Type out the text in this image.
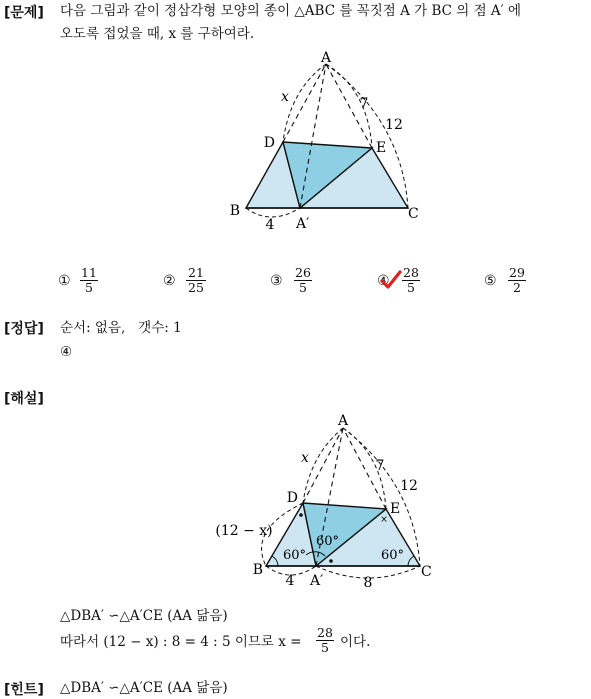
[문제] 다음 그림과 같이 정삼각형 모양의 종이 △ABC 를 꼭짓점 A 가 BC 의 점 A′ 에
오도록 접었을 때, x 를 구하여라.
A
D	E
B	C
A′
x	7
12
4
① $\frac{11}{5}$	② $\frac{21}{25}$	③ $\frac{26}{5}$	④ $\frac{28}{5}$	⑤ $\frac{29}{2}$
[정답] 순서: 없음,   갯수: 1
④
[해설]
×
A
D
E
B	C
A′
x	7
12
4	8
(12 − x)
60°
60°
60°
△DBA′ ∽△A′CE (AA 닮음)
따라서 (12 − x) : 8 = 4 : 5 이므로 $x = \frac{28}{5}$ 이다.
[힌트] △DBA′ ∽△A′CE (AA 닮음)
